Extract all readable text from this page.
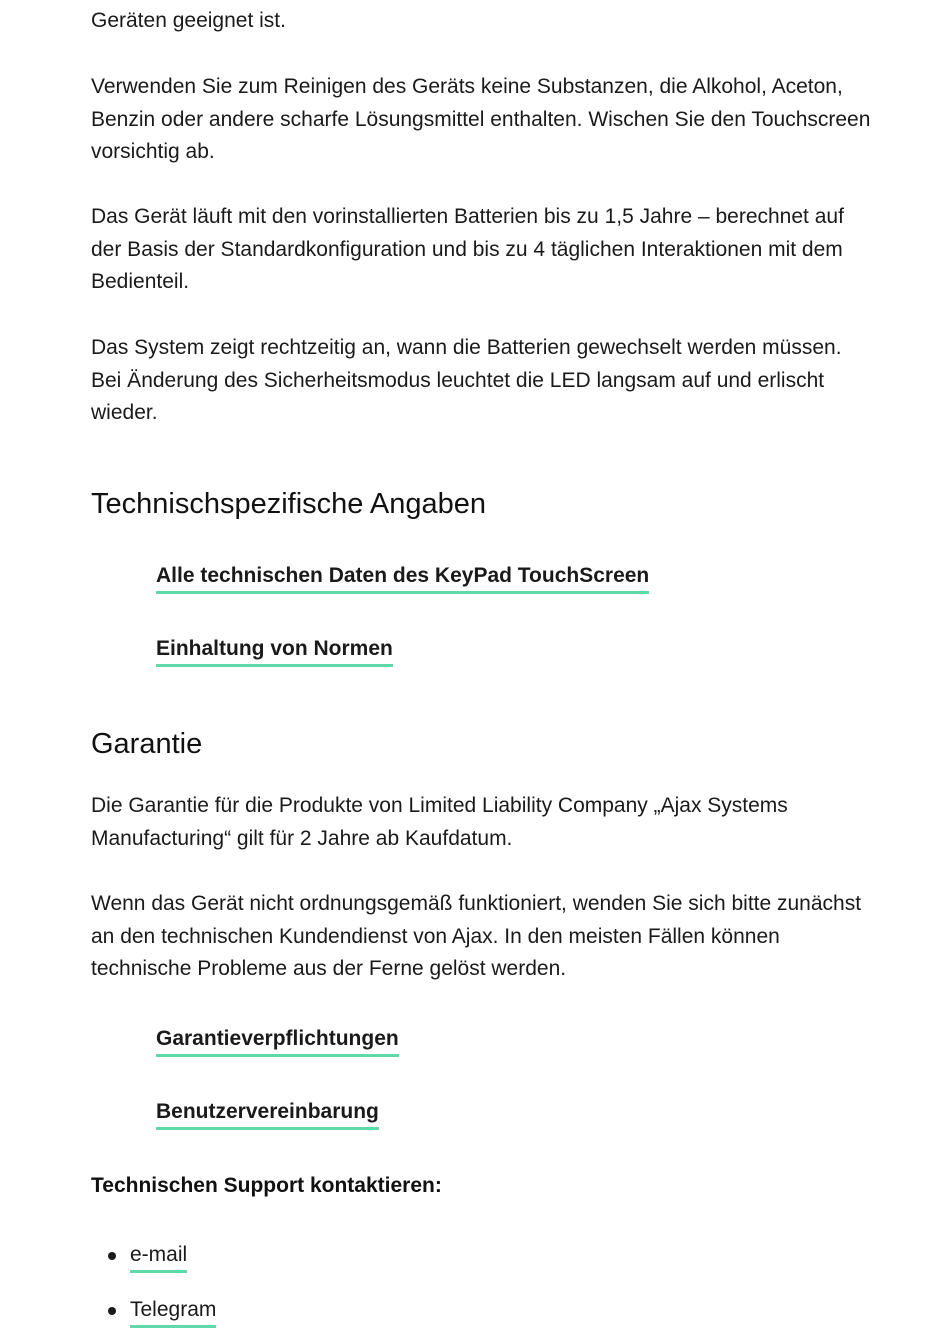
Geräten geeignet ist.

Verwenden Sie zum Reinigen des Geräts keine Substanzen, die Alkohol, Aceton, Benzin oder andere scharfe Lösungsmittel enthalten. Wischen Sie den Touchscreen vorsichtig ab.

Das Gerät läuft mit den vorinstallierten Batterien bis zu 1,5 Jahre – berechnet auf der Basis der Standardkonfiguration und bis zu 4 täglichen Interaktionen mit dem Bedienteil.

Das System zeigt rechtzeitig an, wann die Batterien gewechselt werden müssen. Bei Änderung des Sicherheitsmodus leuchtet die LED langsam auf und erlischt wieder.

Technischspezifische Angaben
Alle technischen Daten des KeyPad TouchScreen
Einhaltung von Normen
Garantie

Die Garantie für die Produkte von Limited Liability Company „Ajax Systems Manufacturing“ gilt für 2 Jahre ab Kaufdatum.

Wenn das Gerät nicht ordnungsgemäß funktioniert, wenden Sie sich bitte zunächst an den technischen Kundendienst von Ajax. In den meisten Fällen können technische Probleme aus der Ferne gelöst werden.

Garantieverpflichtungen
Benutzervereinbarung

Technischen Support kontaktieren:

e-mail
Telegram
